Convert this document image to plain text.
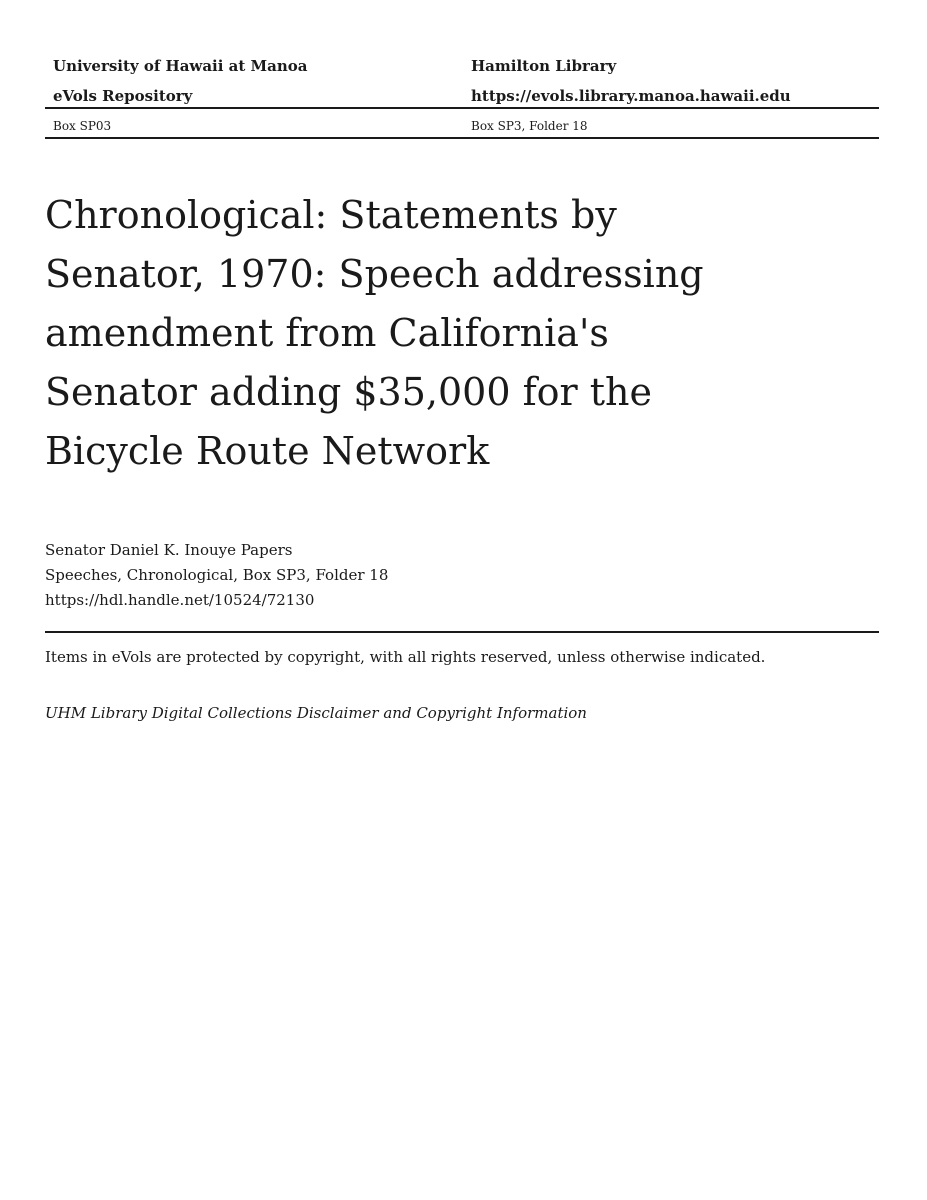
University of Hawaii at Manoa	Hamilton Library
eVols Repository	https://evols.library.manoa.hawaii.edu
Box SP03	Box SP3, Folder 18
Chronological: Statements by Senator, 1970: Speech addressing amendment from California's Senator adding $35,000 for the Bicycle Route Network
Senator Daniel K. Inouye Papers
Speeches, Chronological, Box SP3, Folder 18
https://hdl.handle.net/10524/72130
Items in eVols are protected by copyright, with all rights reserved, unless otherwise indicated.
UHM Library Digital Collections Disclaimer and Copyright Information
